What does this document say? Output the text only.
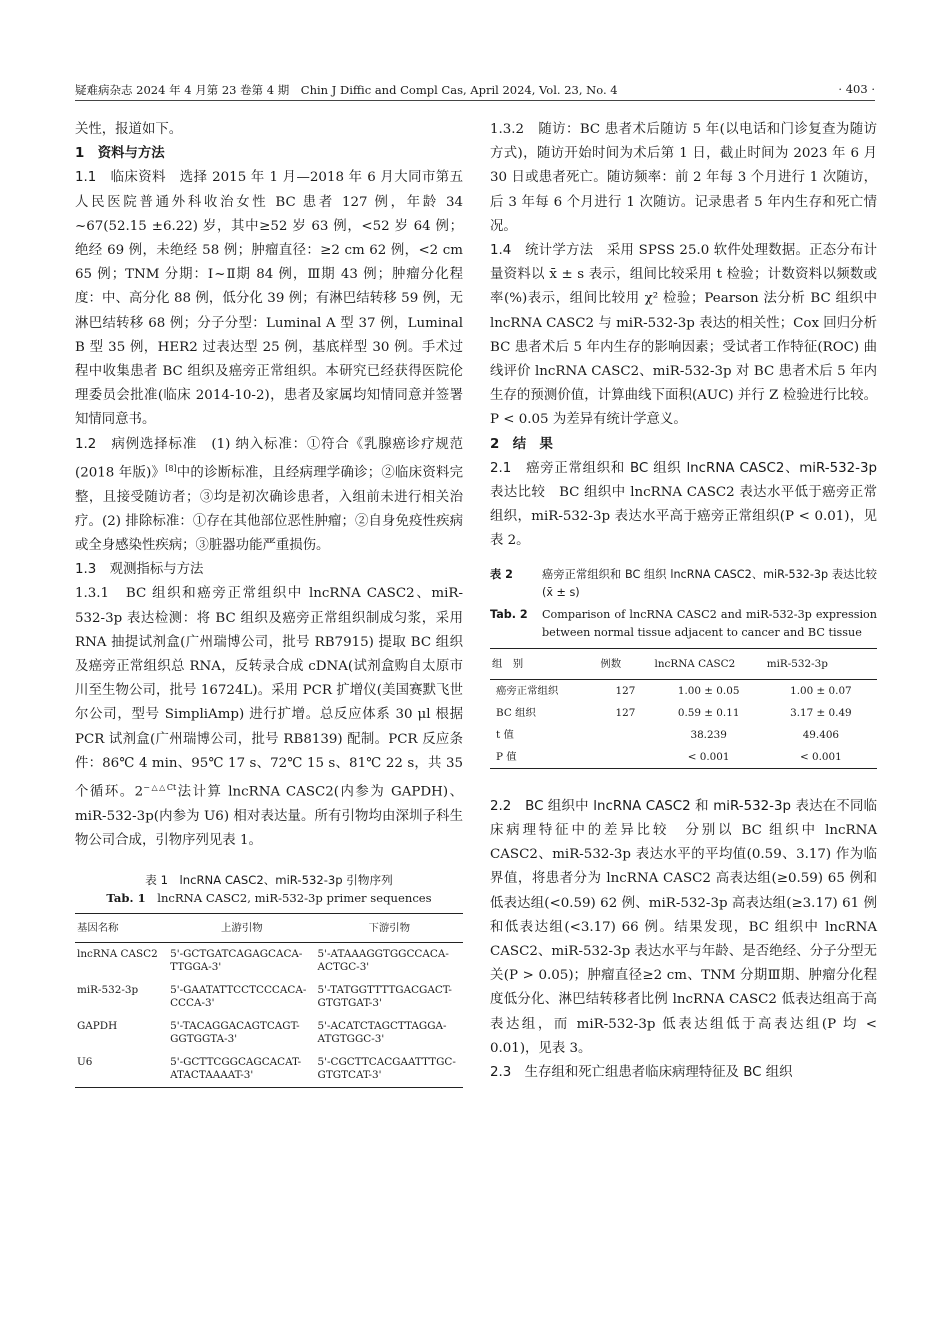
疑难病杂志 2024 年 4 月第 23 卷第 4 期　Chin J Diffic and Compl Cas, April 2024, Vol. 23, No. 4	· 403 ·

关性，报道如下。

1　资料与方法

1.1　临床资料　 选择 2015 年 1 月—2018 年 6 月大同市第五人民医院普通外科收治女性 BC 患者 127 例，年龄 34 ~67(52.15 ±6.22) 岁，其中≥52 岁 63 例，<52 岁 64 例；绝经 69 例，未绝经 58 例；肿瘤直径：≥2 cm 62 例，<2 cm 65 例；TNM 分期：Ⅰ~Ⅱ期 84 例，Ⅲ期 43 例；肿瘤分化程度：中、高分化 88 例，低分化 39 例；有淋巴结转移 59 例，无淋巴结转移 68 例；分子分型：Luminal A 型 37 例，Luminal B 型 35 例，HER2 过表达型 25 例，基底样型 30 例。手术过程中收集患者 BC 组织及癌旁正常组织。本研究已经获得医院伦理委员会批准(临床 2014-10-2)，患者及家属均知情同意并签署知情同意书。

1.2　病例选择标准　 (1) 纳入标准：①符合《乳腺癌诊疗规范(2018 年版)》[8]中的诊断标准，且经病理学确诊；②临床资料完整，且接受随访者；③均是初次确诊患者，入组前未进行相关治疗。(2) 排除标准：①存在其他部位恶性肿瘤；②自身免疫性疾病或全身感染性疾病；③脏器功能严重损伤。

1.3　观测指标与方法

1.3.1　BC 组织和癌旁正常组织中 lncRNA CASC2、miR-532-3p 表达检测：将 BC 组织及癌旁正常组织制成匀浆，采用 RNA 抽提试剂盒(广州瑞博公司，批号 RB7915) 提取 BC 组织及癌旁正常组织总 RNA，反转录合成 cDNA(试剂盒购自太原市川至生物公司，批号 16724L)。采用 PCR 扩增仪(美国赛默飞世尔公司，型号 SimpliAmp) 进行扩增。总反应体系 30 μl 根据 PCR 试剂盒(广州瑞博公司，批号 RB8139) 配制。PCR 反应条件：86℃ 4 min、95℃ 17 s、72℃ 15 s、81℃ 22 s，共 35 个循环。$2^{-\triangle\triangle Ct}$法计算 lncRNA CASC2(内参为 GAPDH)、miR-532-3p(内参为 U6) 相对表达量。所有引物均由深圳子科生物公司合成，引物序列见表 1。

表 1　lncRNA CASC2、miR-532-3p 引物序列
Tab. 1　 lncRNA CASC2, miR-532-3p primer sequences
基因名称	上游引物	下游引物
lncRNA CASC2	5'-GCTGATCAGAGCACA-TTGGA-3'	5'-ATAAAGGTGGCCACA-ACTGC-3'
miR-532-3p	5'-GAATATTCCTCCCACA-CCCA-3'	5'-TATGGTTTTGACGACT-GTGTGAT-3'
GAPDH	5'-TACAGGACAGTCAGT-GGTGGTA-3'	5'-ACATCTAGCTTAGGA-ATGTGGC-3'
U6	5'-GCTTCGGCAGCACAT-ATACTAAAAT-3'	5'-CGCTTCACGAATTTGC-GTGTCAT-3'

1.3.2　随访：BC 患者术后随访 5 年(以电话和门诊复查为随访方式)，随访开始时间为术后第 1 日，截止时间为 2023 年 6 月 30 日或患者死亡。随访频率：前 2 年每 3 个月进行 1 次随访，后 3 年每 6 个月进行 1 次随访。记录患者 5 年内生存和死亡情况。

1.4　统计学方法　 采用 SPSS 25.0 软件处理数据。正态分布计量资料以 x̄ ± s 表示，组间比较采用 t 检验；计数资料以频数或率(%)表示，组间比较用 χ² 检验；Pearson 法分析 BC 组织中 lncRNA CASC2 与 miR-532-3p 表达的相关性；Cox 回归分析 BC 患者术后 5 年内生存的影响因素；受试者工作特征(ROC) 曲线评价 lncRNA CASC2、miR-532-3p 对 BC 患者术后 5 年内生存的预测价值，计算曲线下面积(AUC) 并行 Z 检验进行比较。P < 0.05 为差异有统计学意义。

2　结　果

2.1　癌旁正常组织和 BC 组织 lncRNA CASC2、miR-532-3p 表达比较　 BC 组织中 lncRNA CASC2 表达水平低于癌旁正常组织，miR-532-3p 表达水平高于癌旁正常组织(P < 0.01)，见表 2。

表 2	癌旁正常组织和 BC 组织 lncRNA CASC2、miR-532-3p 表达比较　(x̄ ± s)
Tab. 2	Comparison of lncRNA CASC2 and miR-532-3p expression between normal tissue adjacent to cancer and BC tissue
组　别	例数	lncRNA CASC2	miR-532-3p
癌旁正常组织	127	1.00 ± 0.05	1.00 ± 0.07
BC 组织	127	0.59 ± 0.11	3.17 ± 0.49
t 值		38.239	49.406
P 值		< 0.001	< 0.001

2.2　BC 组织中 lncRNA CASC2 和 miR-532-3p 表达在不同临床病理特征中的差异比较　 分别以 BC 组织中 lncRNA CASC2、miR-532-3p 表达水平的平均值(0.59、3.17) 作为临界值，将患者分为 lncRNA CASC2 高表达组(≥0.59) 65 例和低表达组(<0.59) 62 例、miR-532-3p 高表达组(≥3.17) 61 例和低表达组(<3.17) 66 例。结果发现，BC 组织中 lncRNA CASC2、miR-532-3p 表达水平与年龄、是否绝经、分子分型无关(P > 0.05)；肿瘤直径≥2 cm、TNM 分期Ⅲ期、肿瘤分化程度低分化、淋巴结转移者比例 lncRNA CASC2 低表达组高于高表达组，而 miR-532-3p 低表达组低于高表达组(P 均 < 0.01)，见表 3。

2.3　生存组和死亡组患者临床病理特征及 BC 组织
